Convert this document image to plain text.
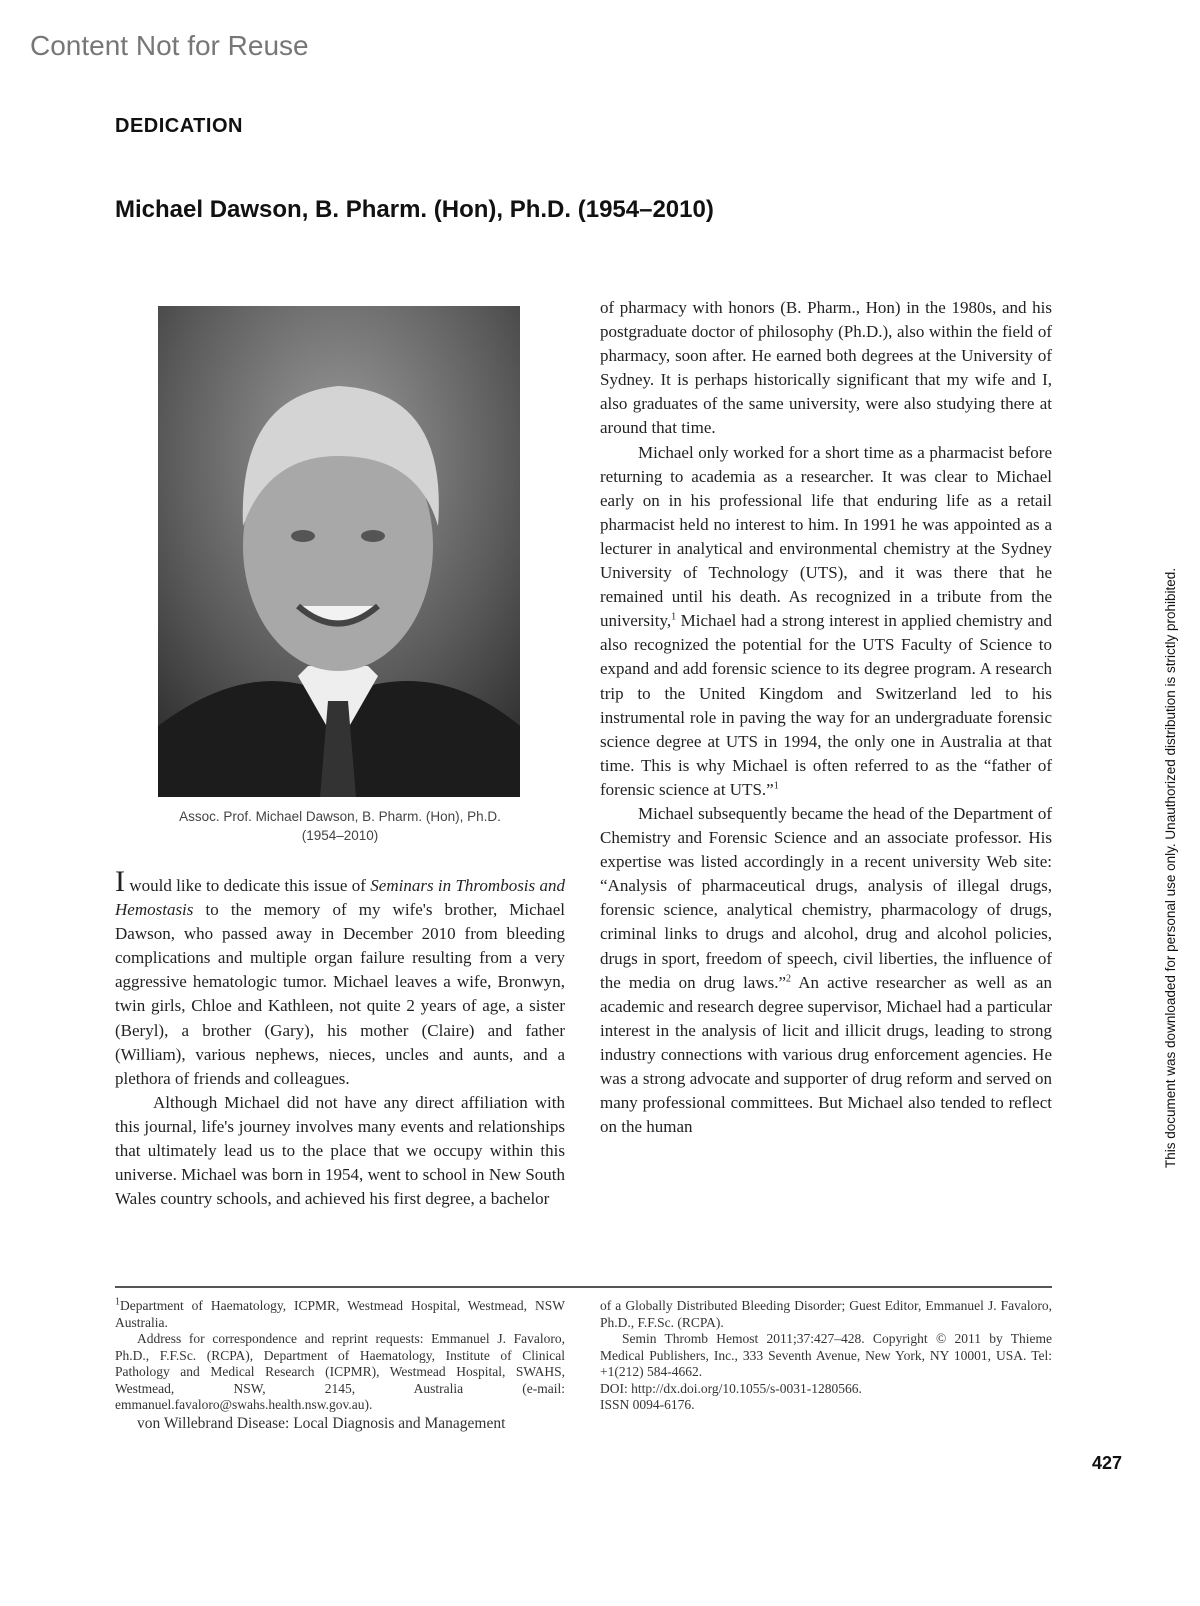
Content Not for Reuse
DEDICATION
Michael Dawson, B. Pharm. (Hon), Ph.D. (1954–2010)
Assoc. Prof. Michael Dawson, B. Pharm. (Hon), Ph.D.
(1954–2010)

I would like to dedicate this issue of Seminars in Thrombosis and Hemostasis to the memory of my wife's brother, Michael Dawson, who passed away in December 2010 from bleeding complications and multiple organ failure resulting from a very aggressive hematologic tumor. Michael leaves a wife, Bronwyn, twin girls, Chloe and Kathleen, not quite 2 years of age, a sister (Beryl), a brother (Gary), his mother (Claire) and father (William), various nephews, nieces, uncles and aunts, and a plethora of friends and colleagues.

Although Michael did not have any direct affiliation with this journal, life's journey involves many events and relationships that ultimately lead us to the place that we occupy within this universe. Michael was born in 1954, went to school in New South Wales country schools, and achieved his first degree, a bachelor

of pharmacy with honors (B. Pharm., Hon) in the 1980s, and his postgraduate doctor of philosophy (Ph.D.), also within the field of pharmacy, soon after. He earned both degrees at the University of Sydney. It is perhaps historically significant that my wife and I, also graduates of the same university, were also studying there at around that time.

Michael only worked for a short time as a pharmacist before returning to academia as a researcher. It was clear to Michael early on in his professional life that enduring life as a retail pharmacist held no interest to him. In 1991 he was appointed as a lecturer in analytical and environmental chemistry at the Sydney University of Technology (UTS), and it was there that he remained until his death. As recognized in a tribute from the university,$^1$ Michael had a strong interest in applied chemistry and also recognized the potential for the UTS Faculty of Science to expand and add forensic science to its degree program. A research trip to the United Kingdom and Switzerland led to his instrumental role in paving the way for an undergraduate forensic science degree at UTS in 1994, the only one in Australia at that time. This is why Michael is often referred to as the “father of forensic science at UTS.”$^1$

Michael subsequently became the head of the Department of Chemistry and Forensic Science and an associate professor. His expertise was listed accordingly in a recent university Web site: “Analysis of pharmaceutical drugs, analysis of illegal drugs, forensic science, analytical chemistry, pharmacology of drugs, criminal links to drugs and alcohol, drug and alcohol policies, drugs in sport, freedom of speech, civil liberties, the influence of the media on drug laws.”$^2$ An active researcher as well as an academic and research degree supervisor, Michael had a particular interest in the analysis of licit and illicit drugs, leading to strong industry connections with various drug enforcement agencies. He was a strong advocate and supporter of drug reform and served on many professional committees. But Michael also tended to reflect on the human

$^1$Department of Haematology, ICPMR, Westmead Hospital, Westmead, NSW Australia.

Address for correspondence and reprint requests: Emmanuel J. Favaloro, Ph.D., F.F.Sc. (RCPA), Department of Haematology, Institute of Clinical Pathology and Medical Research (ICPMR), Westmead Hospital, SWAHS, Westmead, NSW, 2145, Australia (e-mail: emmanuel.favaloro@swahs.health.nsw.gov.au).

von Willebrand Disease: Local Diagnosis and Management

of a Globally Distributed Bleeding Disorder; Guest Editor, Emmanuel J. Favaloro, Ph.D., F.F.Sc. (RCPA).

Semin Thromb Hemost 2011;37:427–428. Copyright © 2011 by Thieme Medical Publishers, Inc., 333 Seventh Avenue, New York, NY 10001, USA. Tel: +1(212) 584-4662.

DOI: http://dx.doi.org/10.1055/s-0031-1280566.

ISSN 0094-6176.

427
This document was downloaded for personal use only. Unauthorized distribution is strictly prohibited.
